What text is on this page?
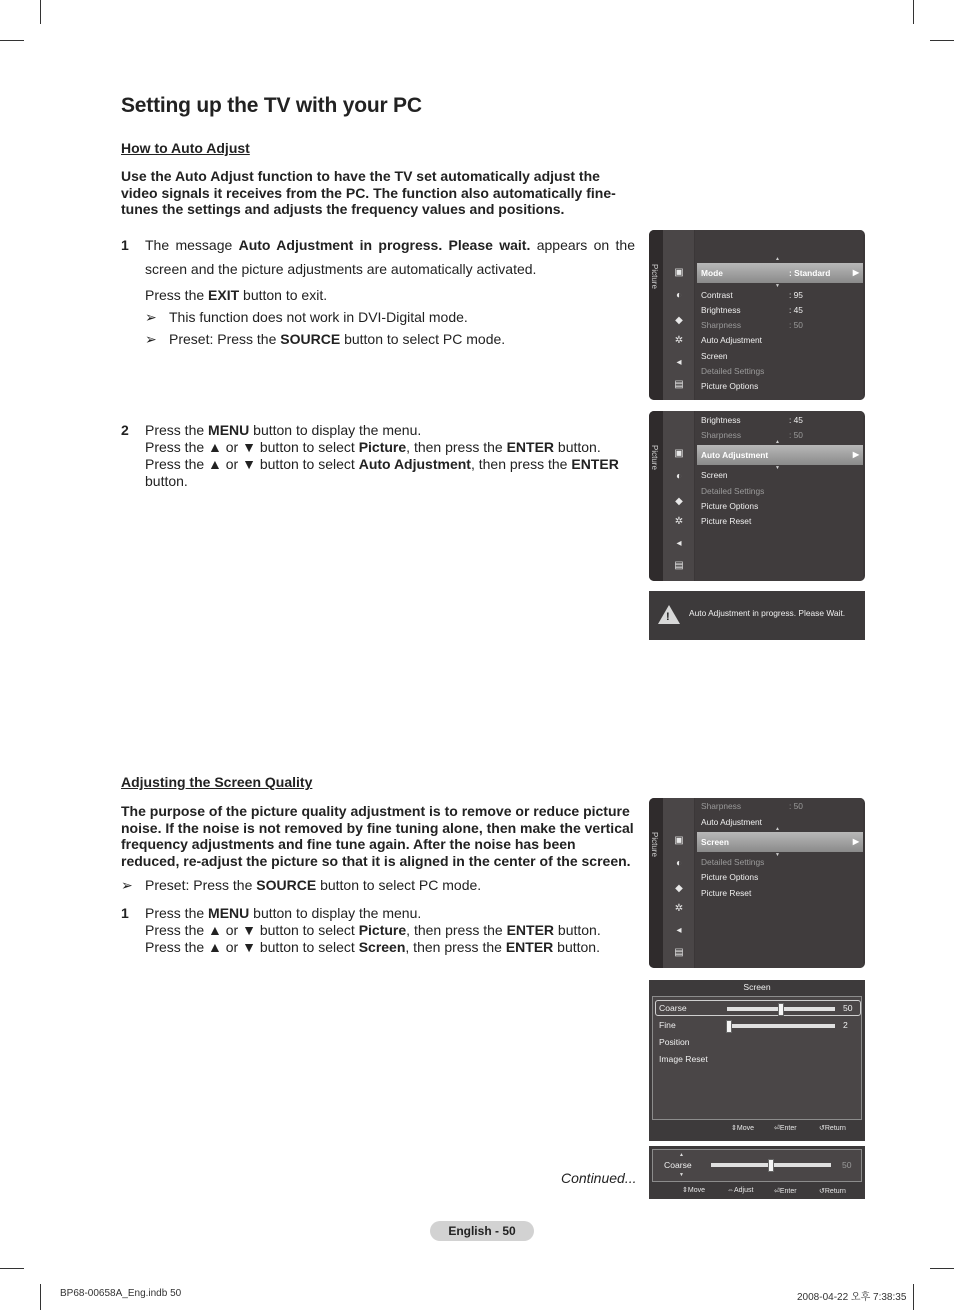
Setting up the TV with your PC
How to Auto Adjust
Use the Auto Adjust function to have the TV set automatically adjust the video signals it receives from the PC. The function also automatically fine-tunes the settings and adjusts the frequency values and positions.
1 The message Auto Adjustment in progress. Please wait. appears on the screen and the picture adjustments are automatically activated.
Press the EXIT button to exit.
➢ This function does not work in DVI-Digital mode.
➢ Preset: Press the SOURCE button to select PC mode.
2 Press the MENU button to display the menu.
Press the ▲ or ▼ button to select Picture, then press the ENTER button.
Press the ▲ or ▼ button to select Auto Adjustment, then press the ENTER button.
Picture ▣
◐
◆
✲
◂
▤
▲
Mode	: Standard	▶
▼
Contrast	: 95
Brightness	: 45
Sharpness	: 50
Auto Adjustment
Screen
Detailed Settings
Picture Options
Picture ▣
◐
◆
✲
◂
▤
Brightness	: 45
Sharpness	: 50
▲
Auto Adjustment	▶
▼
Screen
Detailed Settings
Picture Options
Picture Reset
! Auto Adjustment in progress. Please Wait.
Adjusting the Screen Quality
The purpose of the picture quality adjustment is to remove or reduce picture noise. If the noise is not removed by fine tuning alone, then make the vertical frequency adjustments and fine tune again. After the noise has been reduced, re-adjust the picture so that it is aligned in the center of the screen.
➢ Preset: Press the SOURCE button to select PC mode.
1 Press the MENU button to display the menu.
Press the ▲ or ▼ button to select Picture, then press the ENTER button.
Press the ▲ or ▼ button to select Screen, then press the ENTER button.
Picture ▣
◐
◆
✲
◂
▤
Sharpness	: 50
Auto Adjustment
▲
Screen	▶
▼
Detailed Settings
Picture Options
Picture Reset
Screen
Coarse	50
Fine	2
Position
Image Reset
⇕Move	⏎Enter	↺Return
▲
Coarse
▼
50
⇕Move	⇔Adjust	⏎Enter	↺Return
Continued...
English - 50
BP68-00658A_Eng.indb 50	2008-04-22 오후 7:38:35
